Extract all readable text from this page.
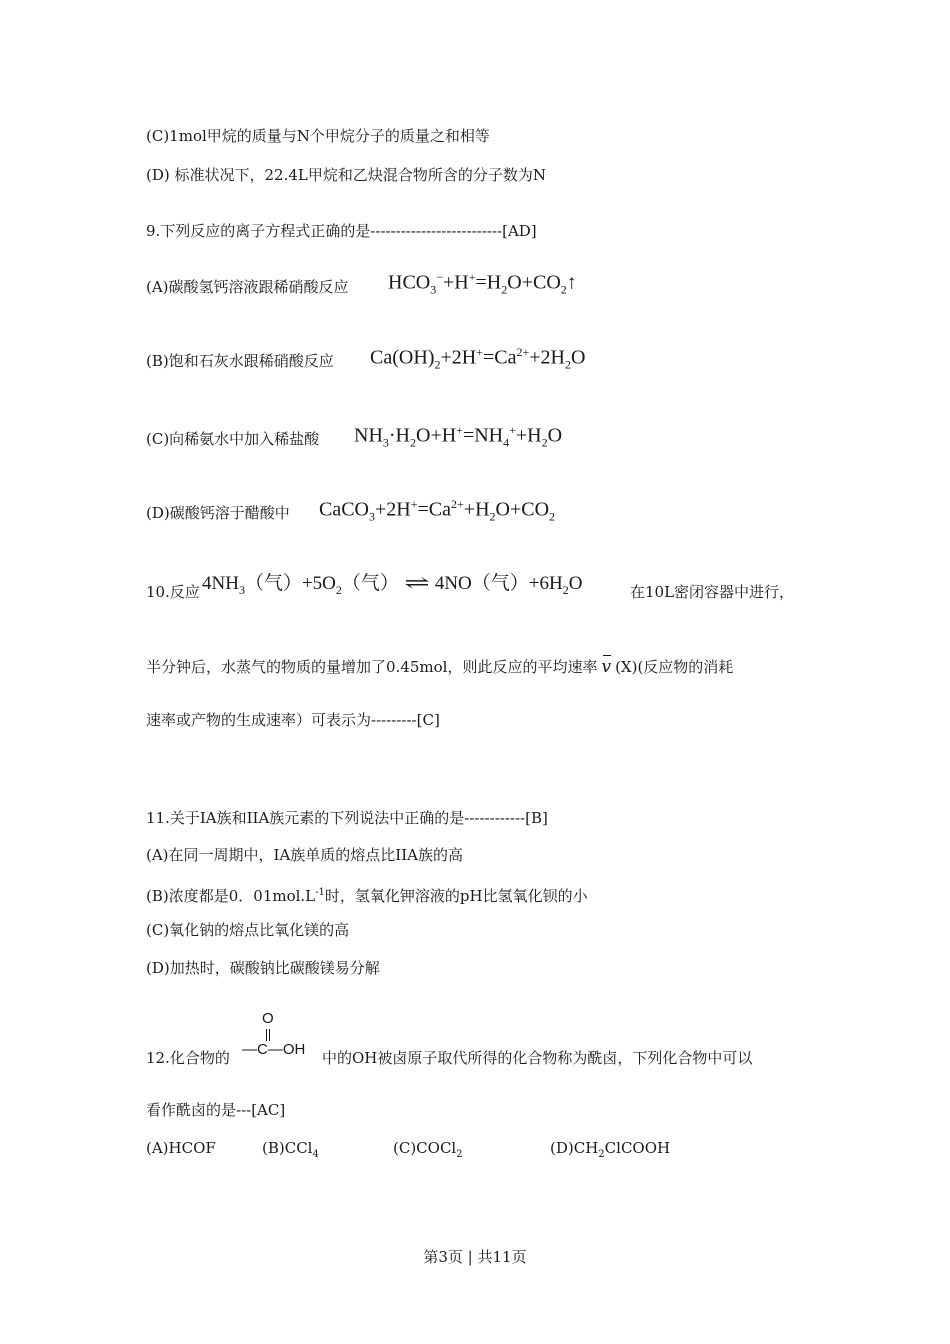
(C)1mol甲烷的质量与N个甲烷分子的质量之和相等
(D) 标准状况下，22.4L甲烷和乙炔混合物所含的分子数为N
9.下列反应的离子方程式正确的是--------------------------[AD]
(A)碳酸氢钙溶液跟稀硝酸反应 $HCO_3^-+H^+=H_2O+CO_2↑$
(B)饱和石灰水跟稀硝酸反应 $Ca(OH)_2+2H^+=Ca^{2+}+2H_2O$
(C)向稀氨水中加入稀盐酸 $NH_3\cdot H_2O+H^+=NH_4^++H_2O$
(D)碳酸钙溶于醋酸中 $CaCO_3+2H^+=Ca^{2+}+H_2O+CO_2$
10.反应 $4NH_3$（气）$+5O_2$（气） ⇌ 4NO（气）$+6H_2O$	在10L密闭容器中进行，
半分钟后，水蒸气的物质的量增加了0.45mol，则此反应的平均速率 v (X)(反应物的消耗
速率或产物的生成速率）可表示为---------[C]
11.关于IA族和IIA族元素的下列说法中正确的是------------[B]
(A)在同一周期中，IA族单质的熔点比IIA族的高
(B)浓度都是0．$01mol.L^{-1}$时，氢氧化钾溶液的pH比氢氧化钡的小
(C)氧化钠的熔点比氧化镁的高
(D)加热时，碳酸钠比碳酸镁易分解
12.化合物的
O
—C—OH 中的OH被卤原子取代所得的化合物称为酰卤，下列化合物中可以
看作酰卤的是---[AC]
(A)HCOF	(B)CCl$_4$	(C)COCl$_2$	$(D)CH_2ClCOOH$
第3页 | 共11页
